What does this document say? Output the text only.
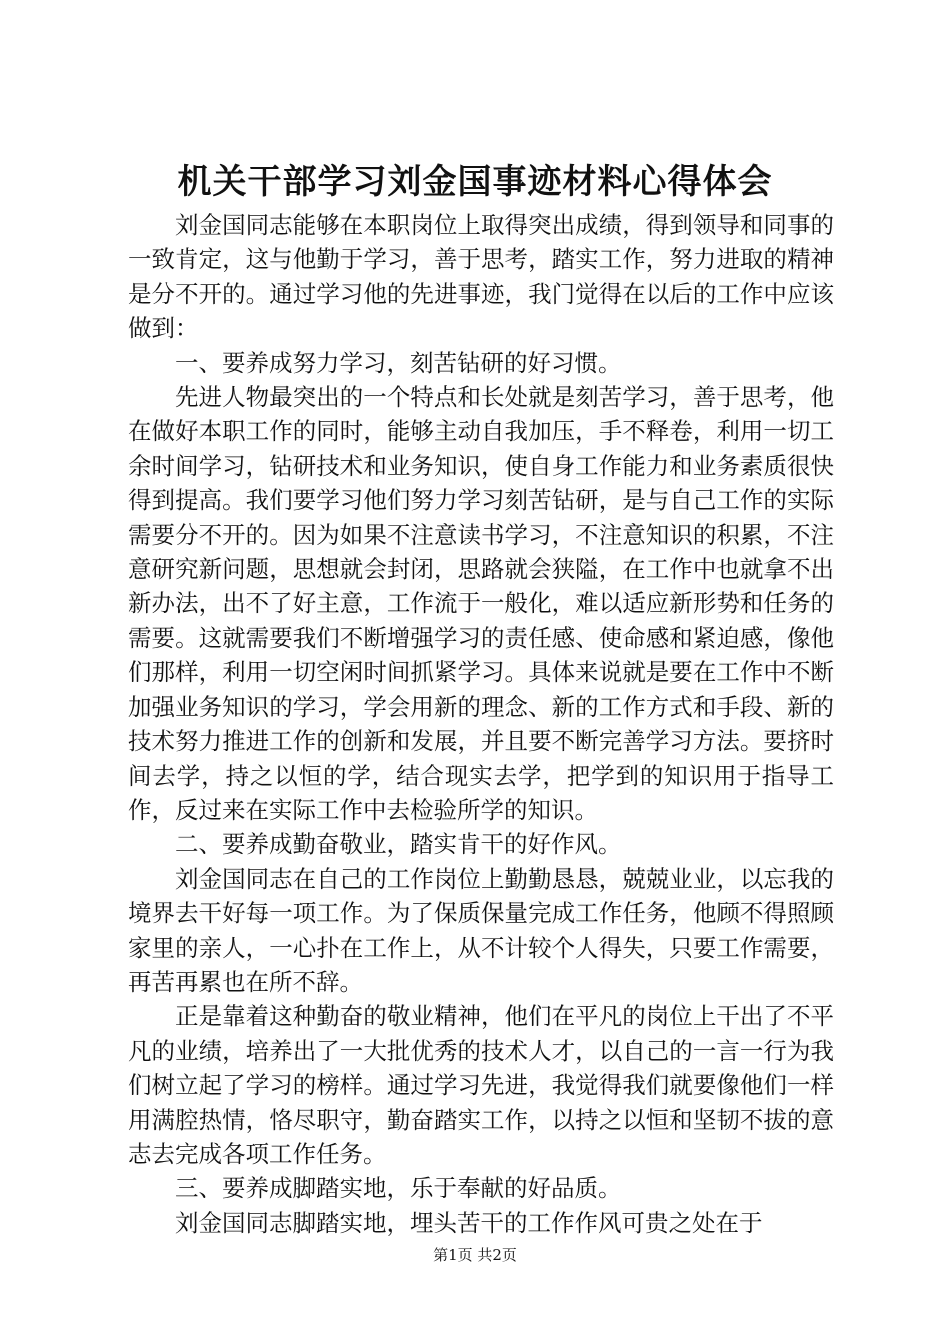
机关干部学习刘金国事迹材料心得体会

刘金国同志能够在本职岗位上取得突出成绩，得到领导和同事的一致肯定，这与他勤于学习，善于思考，踏实工作，努力进取的精神是分不开的。通过学习他的先进事迹，我门觉得在以后的工作中应该做到：

一、要养成努力学习，刻苦钻研的好习惯。

先进人物最突出的一个特点和长处就是刻苦学习，善于思考，他在做好本职工作的同时，能够主动自我加压，手不释卷，利用一切工余时间学习，钻研技术和业务知识，使自身工作能力和业务素质很快得到提高。我们要学习他们努力学习刻苦钻研，是与自己工作的实际需要分不开的。因为如果不注意读书学习，不注意知识的积累，不注意研究新问题，思想就会封闭，思路就会狭隘，在工作中也就拿不出新办法，出不了好主意，工作流于一般化，难以适应新形势和任务的需要。这就需要我们不断增强学习的责任感、使命感和紧迫感，像他们那样，利用一切空闲时间抓紧学习。具体来说就是要在工作中不断加强业务知识的学习，学会用新的理念、新的工作方式和手段、新的技术努力推进工作的创新和发展，并且要不断完善学习方法。要挤时间去学，持之以恒的学，结合现实去学，把学到的知识用于指导工作，反过来在实际工作中去检验所学的知识。

二、要养成勤奋敬业，踏实肯干的好作风。

刘金国同志在自己的工作岗位上勤勤恳恳，兢兢业业，以忘我的境界去干好每一项工作。为了保质保量完成工作任务，他顾不得照顾家里的亲人，一心扑在工作上，从不计较个人得失，只要工作需要，再苦再累也在所不辞。

正是靠着这种勤奋的敬业精神，他们在平凡的岗位上干出了不平凡的业绩，培养出了一大批优秀的技术人才，以自己的一言一行为我们树立起了学习的榜样。通过学习先进，我觉得我们就要像他们一样用满腔热情，恪尽职守，勤奋踏实工作，以持之以恒和坚韧不拔的意志去完成各项工作任务。

三、要养成脚踏实地，乐于奉献的好品质。

刘金国同志脚踏实地，埋头苦干的工作作风可贵之处在于

第1页 共2页
